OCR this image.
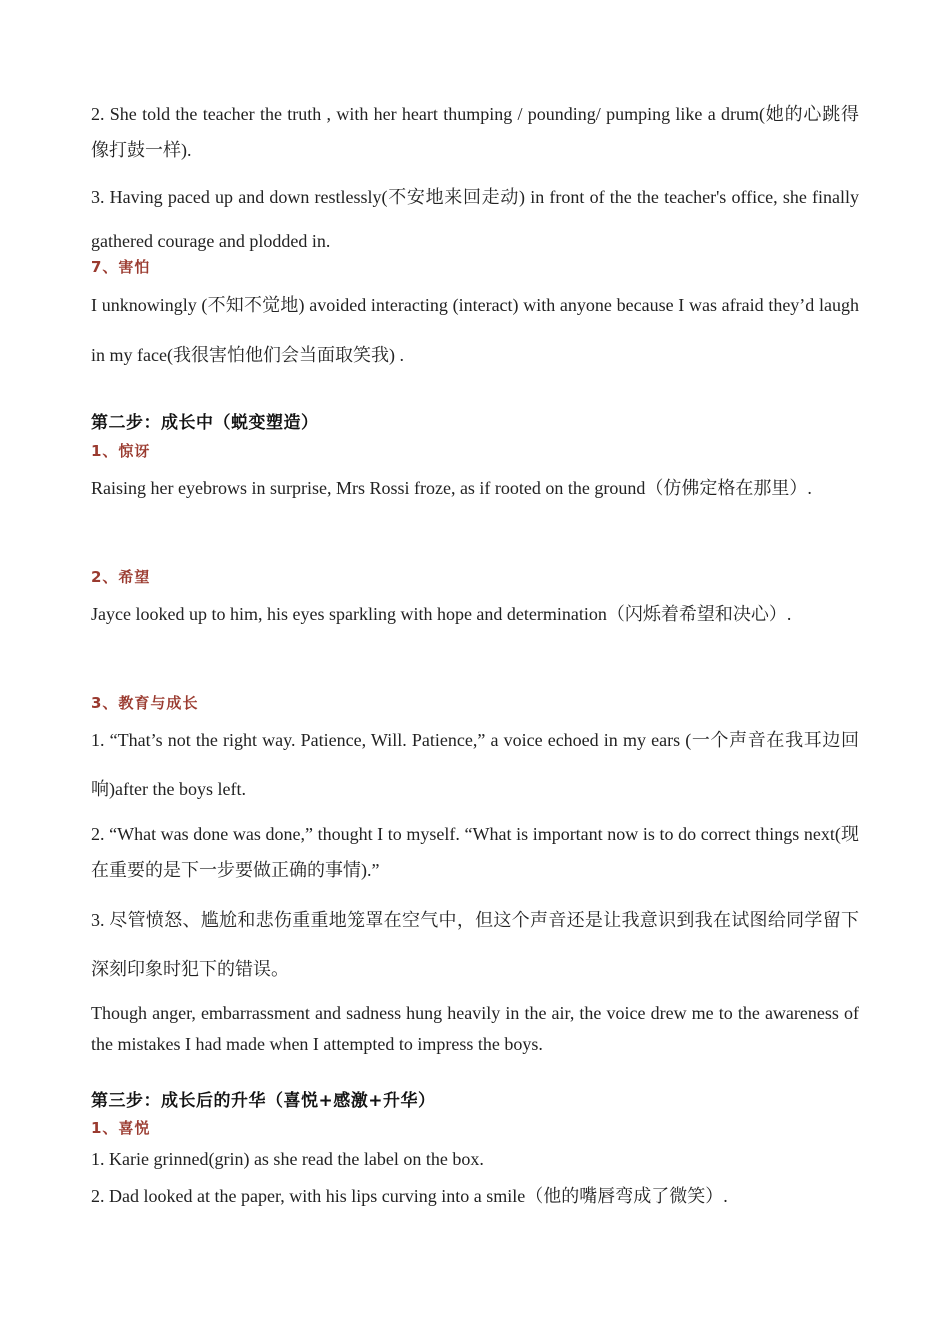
2. She told the teacher the truth , with her heart thumping / pounding/ pumping like a drum(她的心跳得像打鼓一样).

3. Having paced up and down restlessly(不安地来回走动) in front of the the teacher's office, she finally gathered courage and plodded in.

7、害怕

I unknowingly (不知不觉地) avoided interacting (interact) with anyone because I was afraid they’d laugh in my face(我很害怕他们会当面取笑我) .

第二步：成长中（蜕变塑造）

1、惊讶

Raising her eyebrows in surprise, Mrs Rossi froze, as if rooted on the ground（仿佛定格在那里）.

2、希望

Jayce looked up to him, his eyes sparkling with hope and determination（闪烁着希望和决心）.

3、教育与成长

1. “That’s not the right way. Patience, Will. Patience,” a voice echoed in my ears (一个声音在我耳边回响)after the boys left.

2. “What was done was done,” thought I to myself. “What is important now is to do correct things next(现在重要的是下一步要做正确的事情).”

3. 尽管愤怒、尴尬和悲伤重重地笼罩在空气中，但这个声音还是让我意识到我在试图给同学留下深刻印象时犯下的错误。

Though anger, embarrassment and sadness hung heavily in the air, the voice drew me to the awareness of the mistakes I had made when I attempted to impress the boys.

第三步：成长后的升华（喜悦+感激+升华）

1、喜悦

1. Karie grinned(grin) as she read the label on the box.

2. Dad looked at the paper, with his lips curving into a smile（他的嘴唇弯成了微笑）.
